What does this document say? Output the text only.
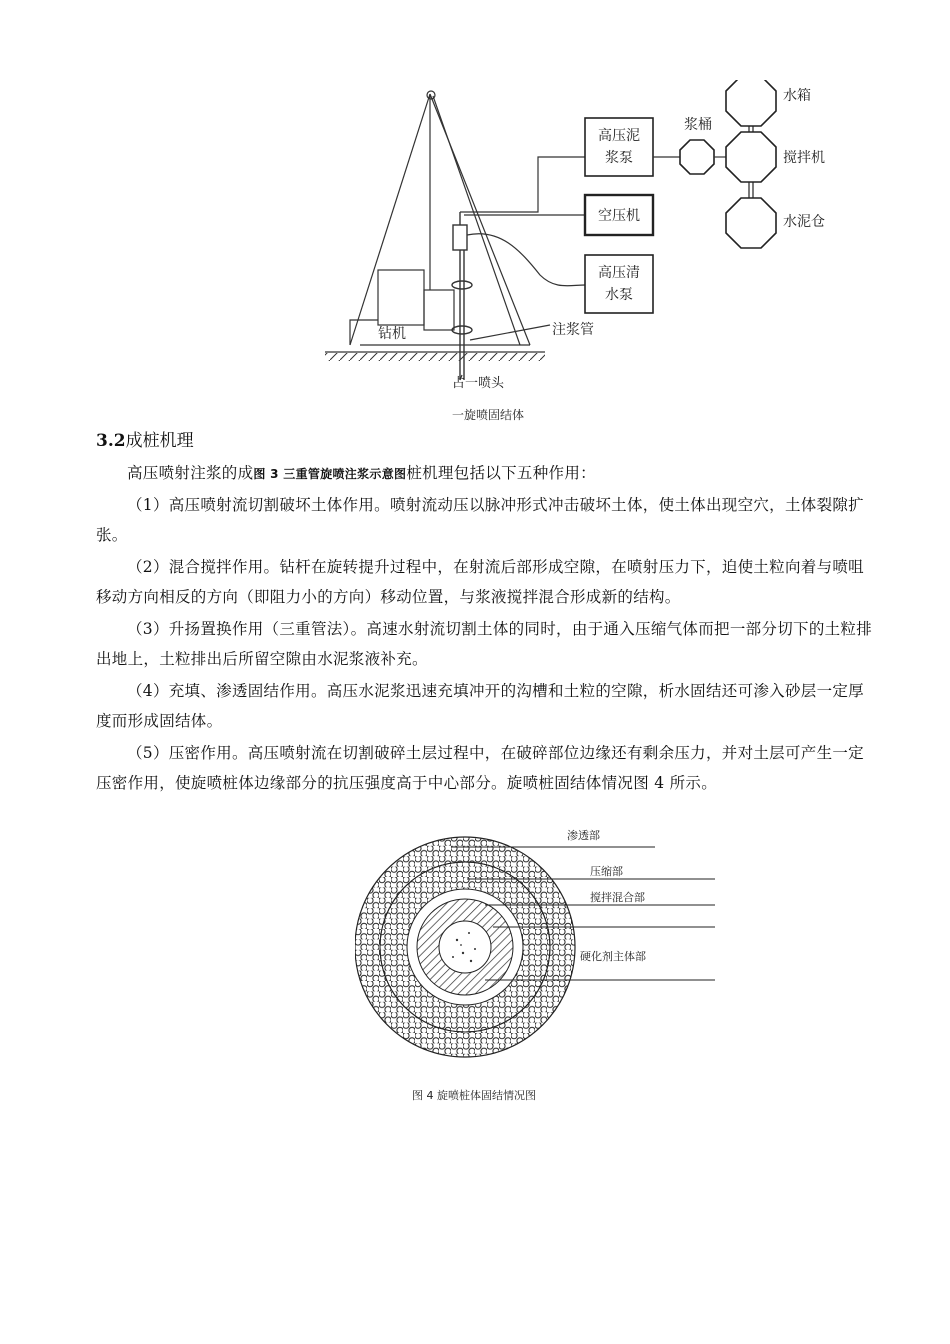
高压泥
浆泵
空压机
高压清
水泵
浆桶
搅拌机
水箱
水泥仓
钻机	注浆管
占一喷头
一旋喷固结体
3.2成桩机理

高压喷射注浆的成图 3 三重管旋喷注浆示意图桩机理包括以下五种作用：

（1）高压喷射流切割破坏土体作用。喷射流动压以脉冲形式冲击破坏土体，使土体出现空穴，土体裂隙扩张。

（2）混合搅拌作用。钻杆在旋转提升过程中，在射流后部形成空隙，在喷射压力下，迫使土粒向着与喷咀移动方向相反的方向（即阻力小的方向）移动位置，与浆液搅拌混合形成新的结构。

（3）升扬置换作用（三重管法）。高速水射流切割土体的同时，由于通入压缩气体而把一部分切下的土粒排出地上，土粒排出后所留空隙由水泥浆液补充。

（4）充填、渗透固结作用。高压水泥浆迅速充填冲开的沟槽和土粒的空隙，析水固结还可渗入砂层一定厚度而形成固结体。

（5）压密作用。高压喷射流在切割破碎土层过程中，在破碎部位边缘还有剩余压力，并对土层可产生一定压密作用，使旋喷桩体边缘部分的抗压强度高于中心部分。旋喷桩固结体情况图 4 所示。

渗透部
压缩部
搅拌混合部
硬化剂主体部
图 4 旋喷桩体固结情况图
